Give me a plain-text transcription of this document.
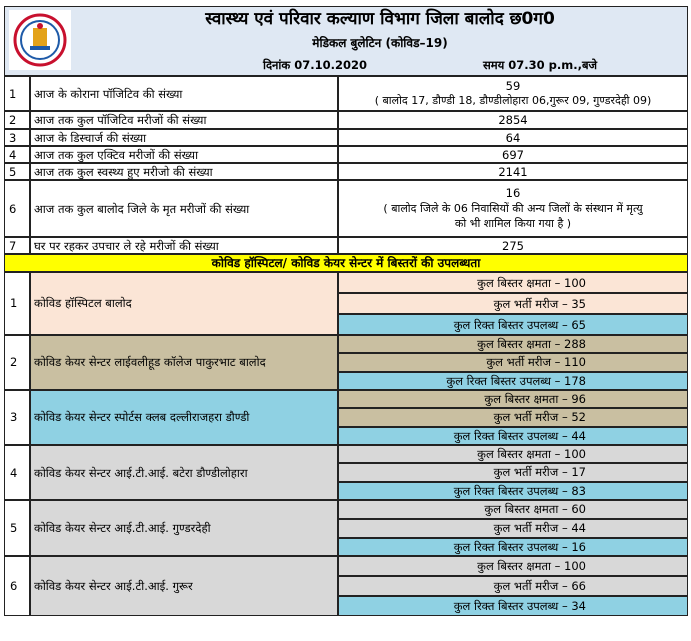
स्वास्थ्य एवं परिवार कल्याण विभाग जिला बालोद छ0ग0
मेडिकल बुलेटिन (कोविड–19)
दिनांक 07.10.2020	समय 07.30 p.m.,बजे
1 आज के कोराना पॉजिटिव की संख्या
59
( बालोद 17, डौण्डी 18, डौण्डीलोहारा 06,गुरूर 09, गुण्डरदेही 09)
2 आज तक कुल पॉजिटिव मरीजों की संख्या	2854
3 आज के डिस्चार्ज की संख्या	64
4 आज तक कुल एक्टिव मरीजों की संख्या	697
5 आज तक कुल स्वस्थ्य हुए मरीजो की संख्या	2141
6 आज तक कुल बालोद जिले के मृत मरीजों की संख्या
16
( बालोद जिले के 06 निवासियों की अन्य जिलों के संस्थान में मृत्यु
को भी शामिल किया गया है )
7 घर पर रहकर उपचार ले रहे मरीजों की संख्या	275
कोविड हॉस्पिटल/ कोविड केयर सेन्टर में बिस्तरों की उपलब्धता
1 कोविड हॉस्पिटल बालोद
कुल बिस्तर क्षमता – 100
कुल भर्ती मरीज – 35
कुल रिक्त बिस्तर उपलब्ध – 65
2 कोविड केयर सेन्टर लाईवलीहूड कॉलेज पाकुरभाट बालोद
कुल बिस्तर क्षमता – 288
कुल भर्ती मरीज – 110
कुल रिक्त बिस्तर उपलब्ध – 178
3 कोविड केयर सेन्टर स्पोर्टस क्लब दल्लीराजहरा डौण्डी
कुल बिस्तर क्षमता – 96
कुल भर्ती मरीज – 52
कुल रिक्त बिस्तर उपलब्ध – 44
4 कोविड केयर सेन्टर आई.टी.आई. बटेरा डौण्डीलोहारा
कुल बिस्तर क्षमता – 100
कुल भर्ती मरीज – 17
कुल रिक्त बिस्तर उपलब्ध – 83
5 कोविड केयर सेन्टर आई.टी.आई. गुण्डरदेही
कुल बिस्तर क्षमता – 60
कुल भर्ती मरीज – 44
कुल रिक्त बिस्तर उपलब्ध – 16
6 कोविड केयर सेन्टर आई.टी.आई. गुरूर
कुल बिस्तर क्षमता – 100
कुल भर्ती मरीज – 66
कुल रिक्त बिस्तर उपलब्ध – 34
